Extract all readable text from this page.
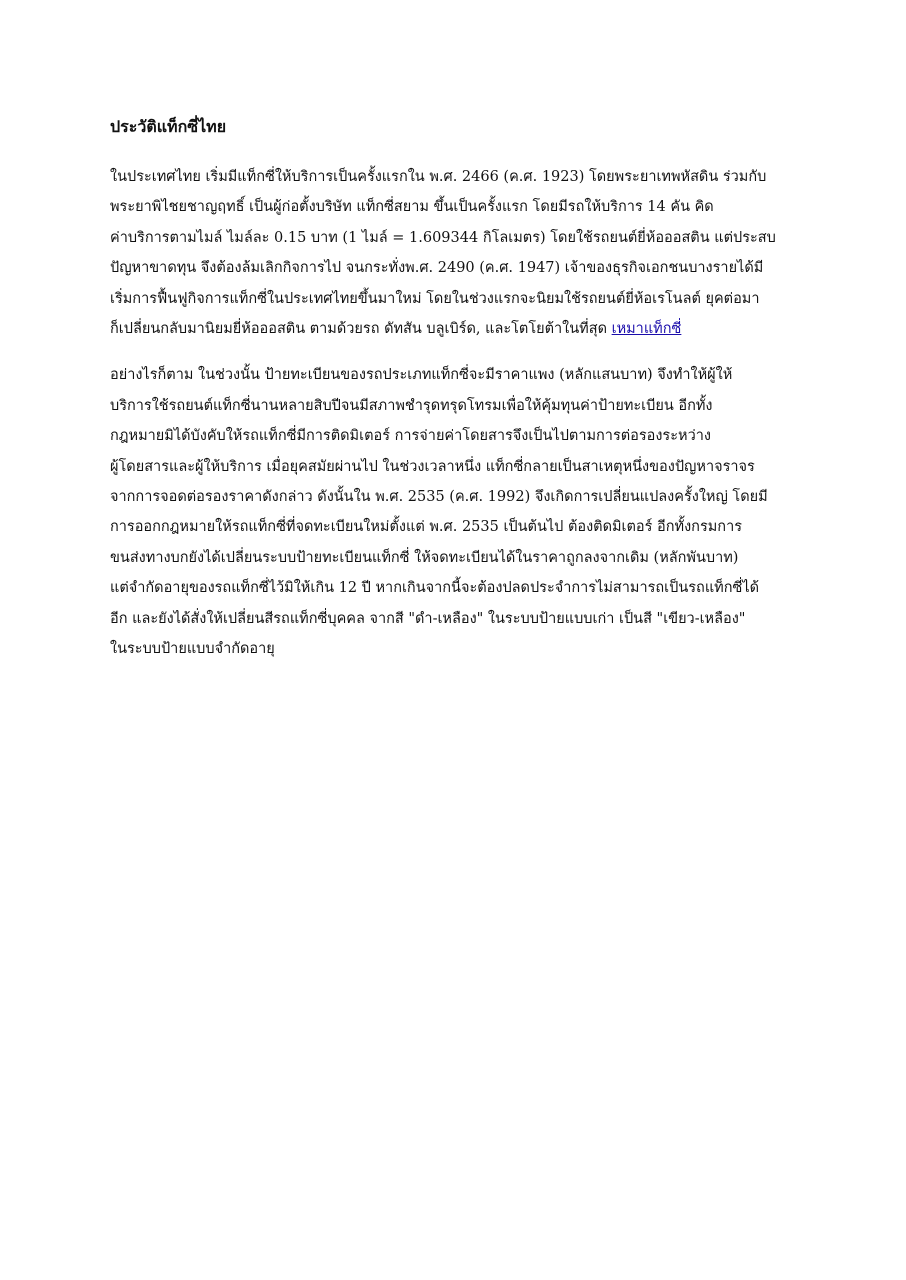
ประวัติแท็กซี่ไทย

ในประเทศไทย เริ่มมีแท็กซี่ให้บริการเป็นครั้งแรกใน พ.ศ. 2466 (ค.ศ. 1923) โดยพระยาเทพหัสดิน ร่วมกับ
พระยาพิไชยชาญฤทธิ์ เป็นผู้ก่อตั้งบริษัท แท็กซี่สยาม ขึ้นเป็นครั้งแรก โดยมีรถให้บริการ 14 คัน คิด
ค่าบริการตามไมล์ ไมล์ละ 0.15 บาท (1 ไมล์ = 1.609344 กิโลเมตร) โดยใช้รถยนต์ยี่ห้อออสติน แต่ประสบ
ปัญหาขาดทุน จึงต้องล้มเลิกกิจการไป จนกระทั่งพ.ศ. 2490 (ค.ศ. 1947) เจ้าของธุรกิจเอกชนบางรายได้มี
เริ่มการฟื้นฟูกิจการแท็กซี่ในประเทศไทยขึ้นมาใหม่ โดยในช่วงแรกจะนิยมใช้รถยนต์ยี่ห้อเรโนลต์ ยุคต่อมา
ก็เปลี่ยนกลับมานิยมยี่ห้อออสติน ตามด้วยรถ ดัทสัน บลูเบิร์ด, และโตโยต้าในที่สุด เหมาแท็กซี่

อย่างไรก็ตาม ในช่วงนั้น ป้ายทะเบียนของรถประเภทแท็กซี่จะมีราคาแพง (หลักแสนบาท) จึงทำให้ผู้ให้
บริการใช้รถยนต์แท็กซี่นานหลายสิบปีจนมีสภาพชำรุดทรุดโทรมเพื่อให้คุ้มทุนค่าป้ายทะเบียน อีกทั้ง
กฎหมายมิได้บังคับให้รถแท็กซี่มีการติดมิเตอร์ การจ่ายค่าโดยสารจึงเป็นไปตามการต่อรองระหว่าง
ผู้โดยสารและผู้ให้บริการ เมื่อยุคสมัยผ่านไป ในช่วงเวลาหนึ่ง แท็กซี่กลายเป็นสาเหตุหนึ่งของปัญหาจราจร
จากการจอดต่อรองราคาดังกล่าว ดังนั้นใน พ.ศ. 2535 (ค.ศ. 1992) จึงเกิดการเปลี่ยนแปลงครั้งใหญ่ โดยมี
การออกกฎหมายให้รถแท็กซี่ที่จดทะเบียนใหม่ตั้งแต่ พ.ศ. 2535 เป็นต้นไป ต้องติดมิเตอร์ อีกทั้งกรมการ
ขนส่งทางบกยังได้เปลี่ยนระบบป้ายทะเบียนแท็กซี่ ให้จดทะเบียนได้ในราคาถูกลงจากเดิม (หลักพันบาท)
แต่จำกัดอายุของรถแท็กซี่ไว้มิให้เกิน 12 ปี หากเกินจากนี้จะต้องปลดประจำการไม่สามารถเป็นรถแท็กซี่ได้
อีก และยังได้สั่งให้เปลี่ยนสีรถแท็กซี่บุคคล จากสี "ดำ-เหลือง" ในระบบป้ายแบบเก่า เป็นสี "เขียว-เหลือง"
ในระบบป้ายแบบจำกัดอายุ
